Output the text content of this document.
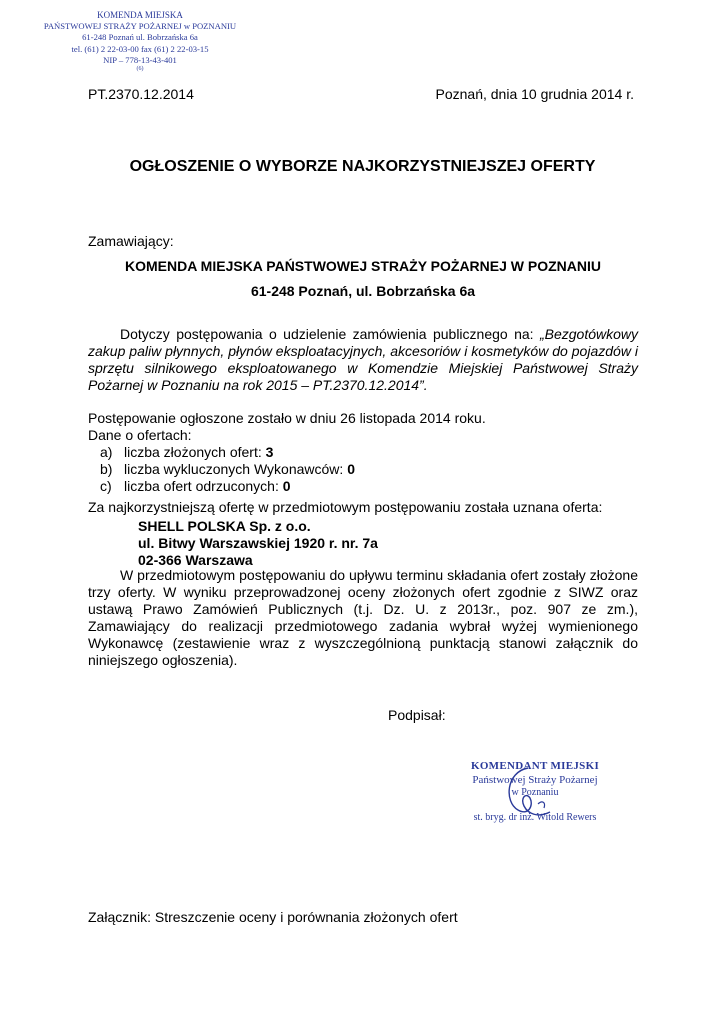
KOMENDA MIEJSKA
PAŃSTWOWEJ STRAŻY POŻARNEJ w POZNANIU
61-248 Poznań ul. Bobrzańska 6a
tel. (61) 2 22-03-00 fax (61) 2 22-03-15
NIP – 778-13-43-401
(6)
PT.2370.12.2014	Poznań, dnia 10 grudnia 2014 r.
OGŁOSZENIE O WYBORZE NAJKORZYSTNIEJSZEJ OFERTY
Zamawiający:
KOMENDA MIEJSKA PAŃSTWOWEJ STRAŻY POŻARNEJ W POZNANIU
61-248 Poznań, ul. Bobrzańska 6a
Dotyczy postępowania o udzielenie zamówienia publicznego na: „Bezgotówkowy zakup paliw płynnych, płynów eksploatacyjnych, akcesoriów i kosmetyków do pojazdów i sprzętu silnikowego eksploatowanego w Komendzie Miejskiej Państwowej Straży Pożarnej w Poznaniu na rok 2015 – PT.2370.12.2014”.
Postępowanie ogłoszone zostało w dniu 26 listopada 2014 roku.
Dane o ofertach:
a) liczba złożonych ofert: 3
b) liczba wykluczonych Wykonawców: 0
c) liczba ofert odrzuconych: 0
Za najkorzystniejszą ofertę w przedmiotowym postępowaniu została uznana oferta:
SHELL POLSKA Sp. z o.o.
ul. Bitwy Warszawskiej 1920 r. nr. 7a
02-366 Warszawa
W przedmiotowym postępowaniu do upływu terminu składania ofert zostały złożone trzy oferty. W wyniku przeprowadzonej oceny złożonych ofert zgodnie z SIWZ oraz ustawą Prawo Zamówień Publicznych (t.j. Dz. U. z 2013r., poz. 907 ze zm.), Zamawiający do realizacji przedmiotowego zadania wybrał wyżej wymienionego Wykonawcę (zestawienie wraz z wyszczególnioną punktacją stanowi załącznik do niniejszego ogłoszenia).
Podpisał:
KOMENDANT MIEJSKI
Państwowej Straży Pożarnej
w Poznaniu
st. bryg. dr inż. Witold Rewers
Załącznik: Streszczenie oceny i porównania złożonych ofert
